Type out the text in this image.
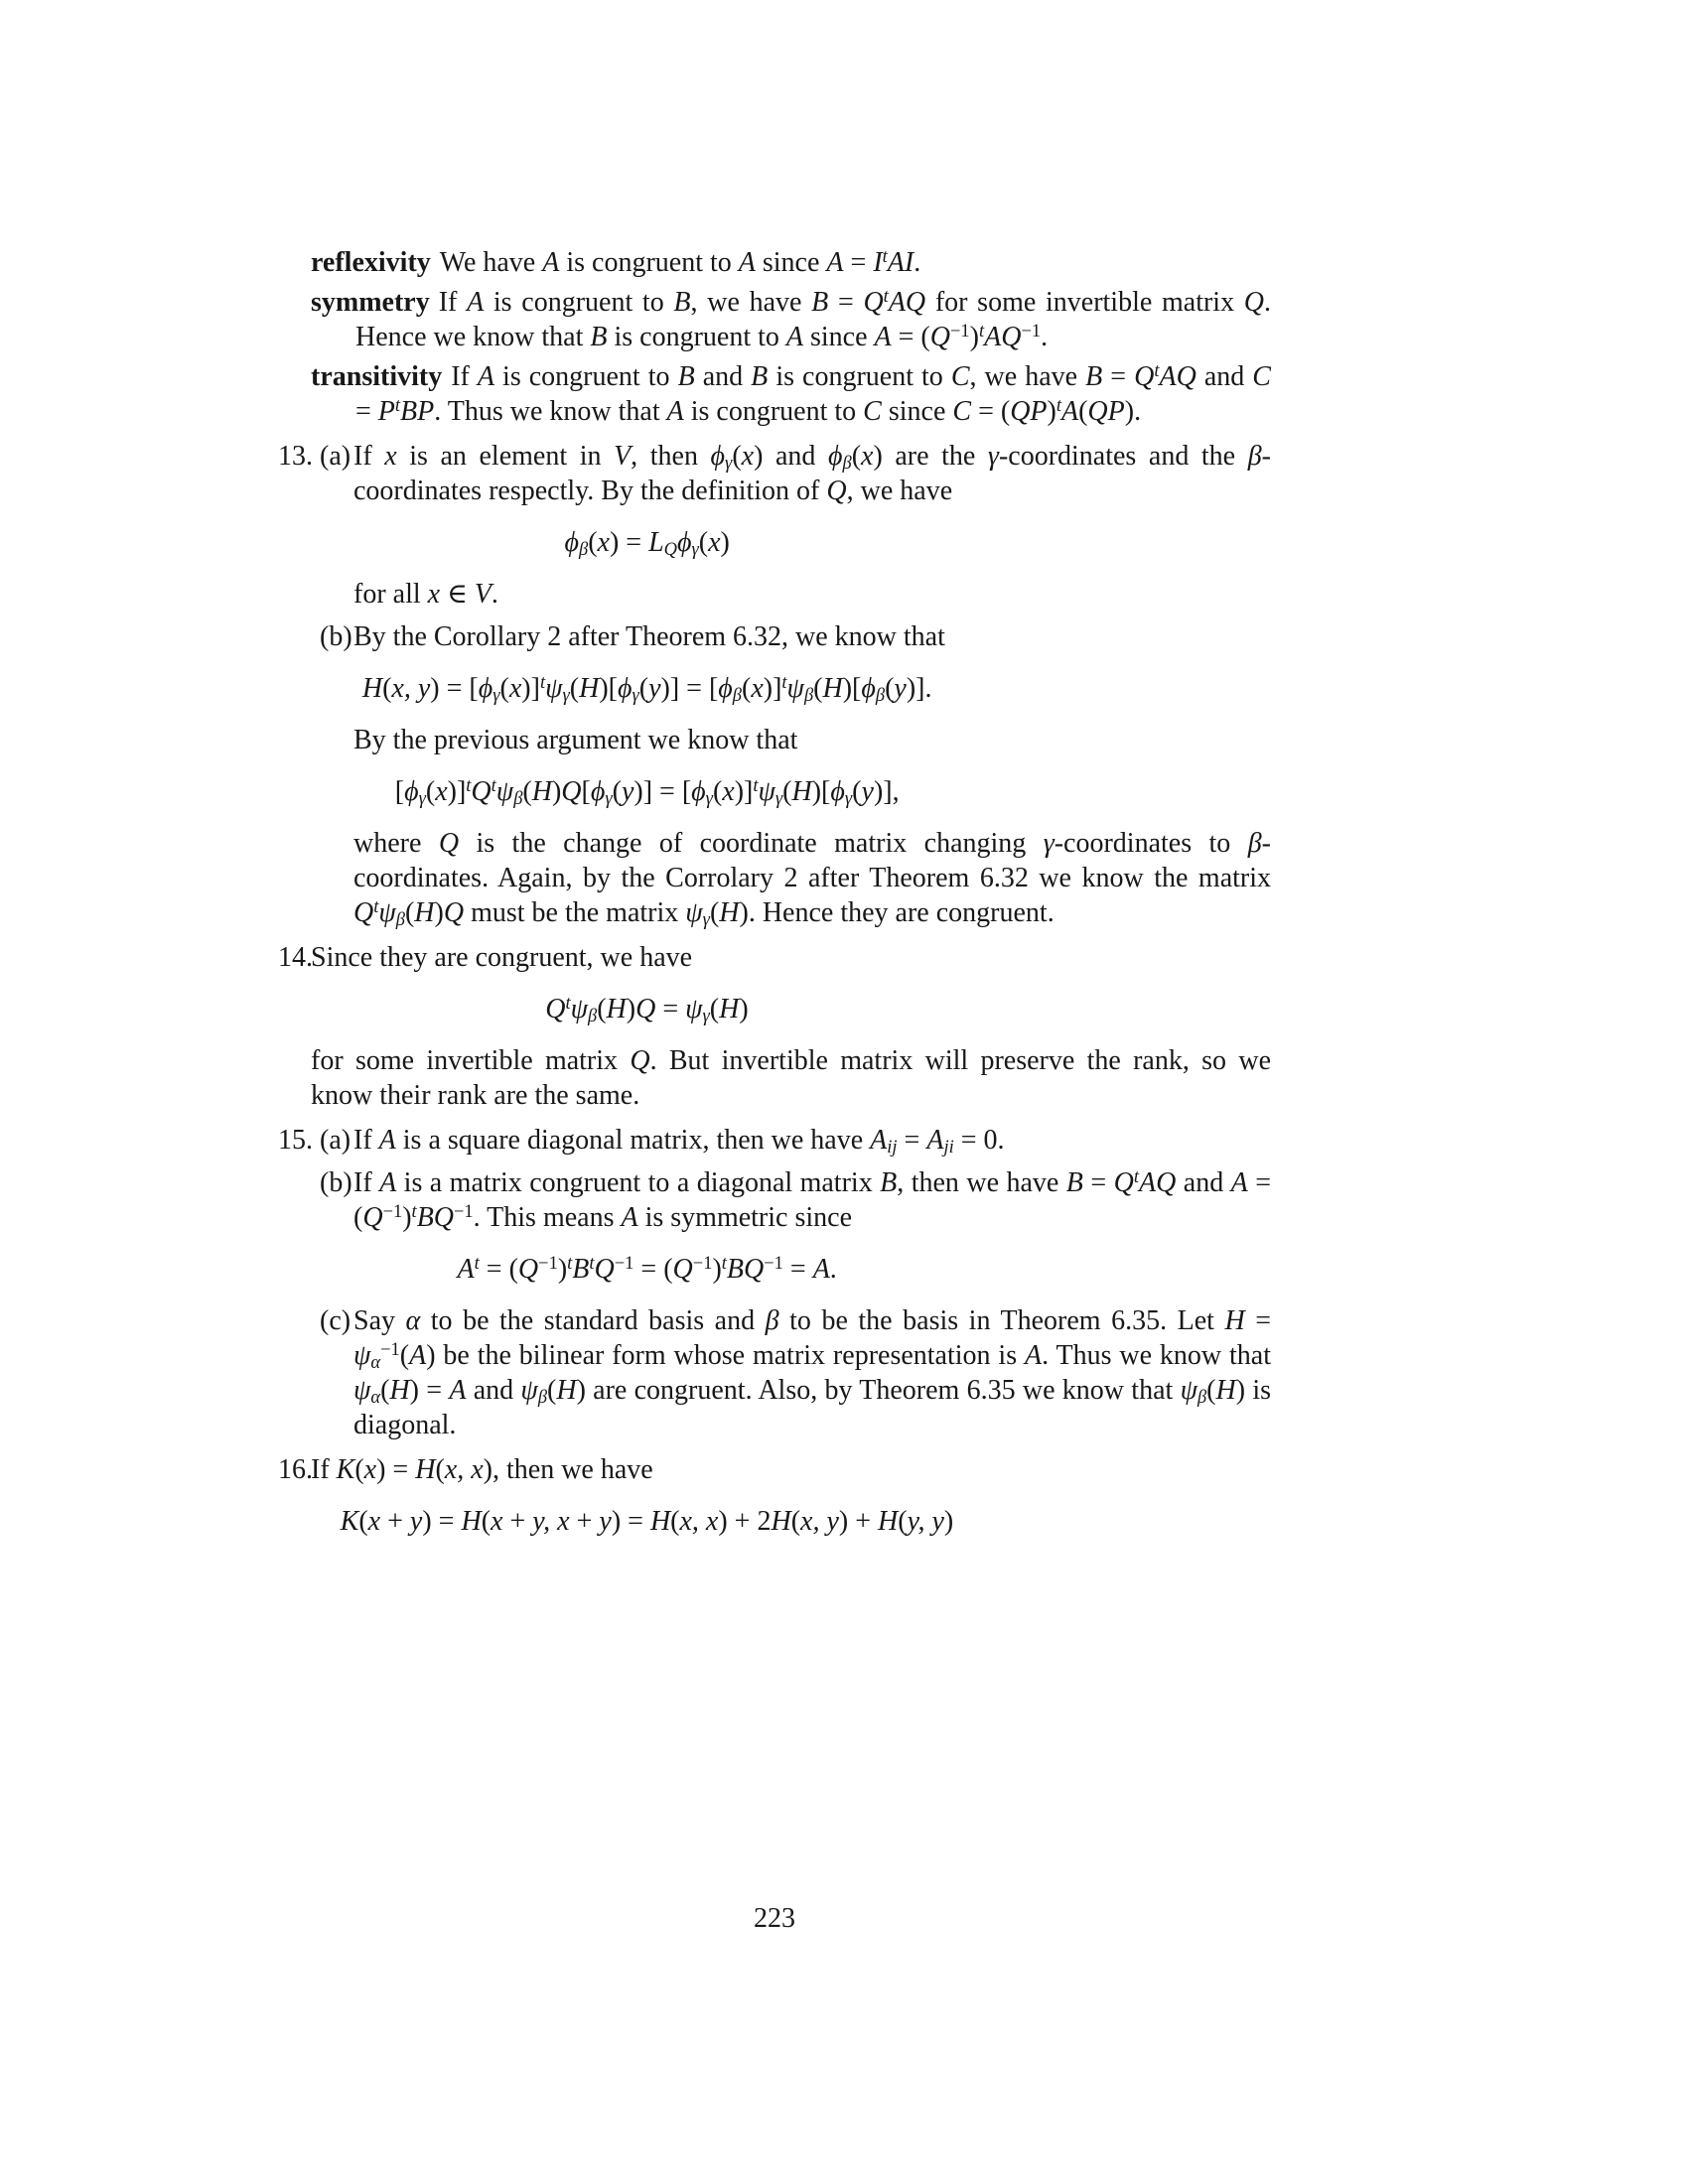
reflexivity We have A is congruent to A since $A = I^tAI$.

symmetry If A is congruent to B, we have $B = Q^tAQ$ for some invertible matrix Q. Hence we know that B is congruent to A since $A = (Q^{-1})^tAQ^{-1}$.

transitivity If A is congruent to B and B is congruent to C, we have $B = Q^tAQ$ and $C = P^tBP$. Thus we know that A is congruent to C since C = (QP)$^t$A(QP).

13. (a) If x is an element in V, then $\phi_\gamma(x)$ and $\phi_\beta(x)$ are the γ-coordinates and the β-coordinates respectly. By the definition of Q, we have

$\phi_\beta(x) = L_Q\phi_\gamma(x)$

for all x ∈ V.

(b) By the Corollary 2 after Theorem 6.32, we know that

H(x, $y) = [\phi_\gamma(x)]^t\psi_\gamma(H)[\phi_\gamma(y)] = [\phi_\beta(x)]^t\psi_\beta(H)[\phi_\beta(y)]$.

By the previous argument we know that

$[\phi_\gamma(x)]^tQ^t\psi_\beta(H)Q[\phi_\gamma(y)] = [\phi_\gamma(x)]^t\psi_\gamma(H)[\phi_\gamma(y)]$,

where Q is the change of coordinate matrix changing γ-coordinates to β-coordinates. Again, by the Corrolary 2 after Theorem 6.32 we know the matrix $Q^t\psi_\beta(H)Q$ must be the matrix $\psi_\gamma(H)$. Hence they are congruent.

14.

Since they are congruent, we have

$Q^t\psi_\beta(H)Q = \psi_\gamma(H)$

for some invertible matrix Q. But invertible matrix will preserve the rank, so we know their rank are the same.

15. (a) If A is a square diagonal matrix, then we have $A_{ij} = A_{ji} = 0$.

(b) If A is a matrix congruent to a diagonal matrix B, then we have $B = Q^tAQ$ and $A = (Q^{-1})^tBQ^{-1}$. This means A is symmetric since

$A^t = (Q^{-1})^tB^tQ^{-1} = (Q^{-1})^tBQ^{-1} = A$.
(c) Say α to be the standard basis and β to be the basis in Theorem 6.35. Let $H = \psi_\alpha^{-1}(A)$ be the bilinear form whose matrix representation is A. Thus we know that $\psi_\alpha(H) = A$ and $\psi_\beta(H)$ are congruent. Also, by Theorem 6.35 we know that $\psi_\beta(H)$ is diagonal.

16.

If K(x) = H(x, x), then we have

K(x + y) = H(x + y, x + y) = H(x, x) + 2H(x, y) + H(y, y)
223
